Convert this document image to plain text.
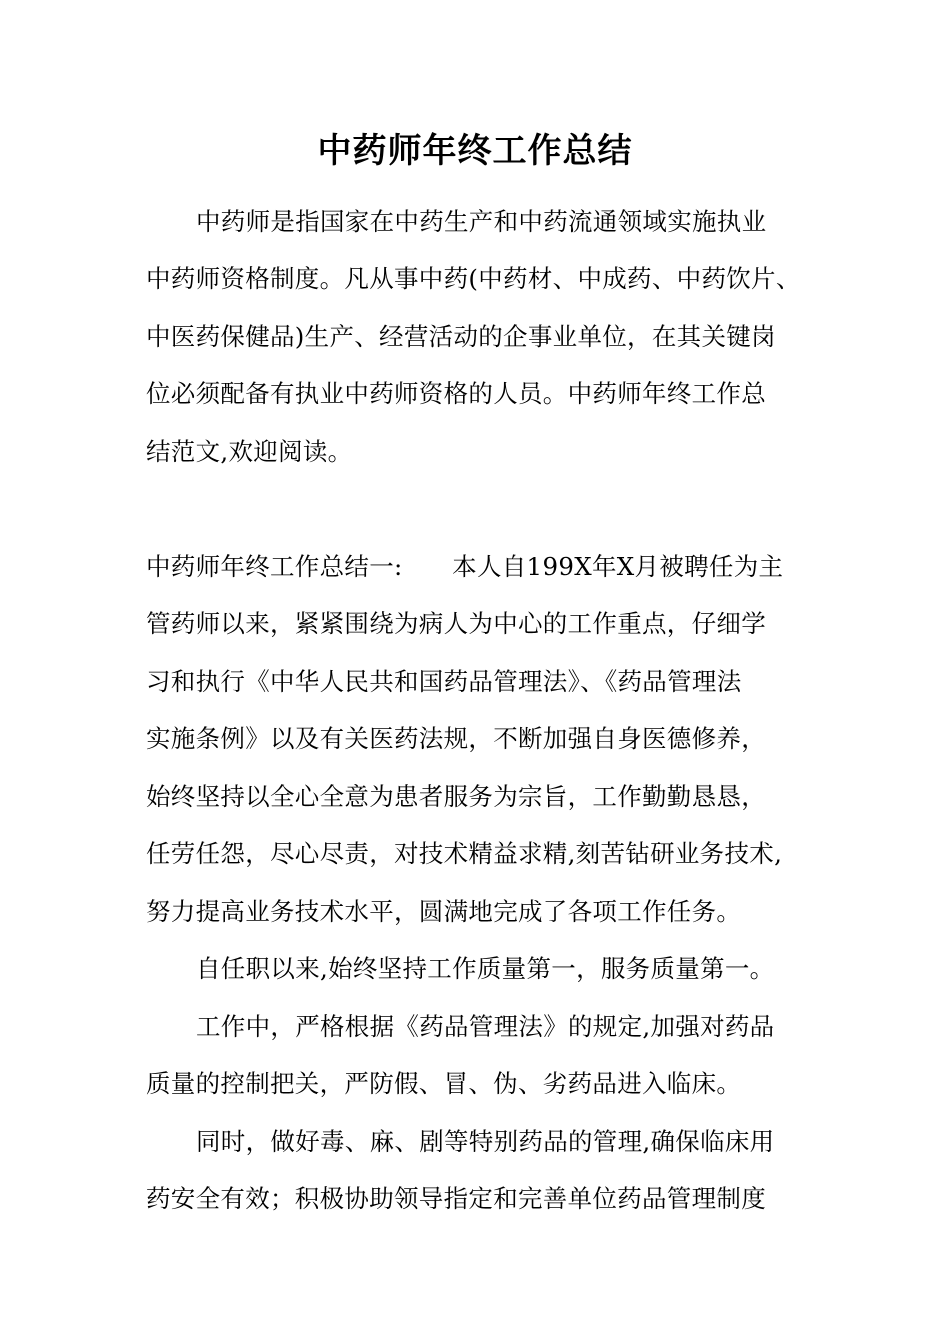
中药师年终工作总结
中药师是指国家在中药生产和中药流通领域实施执业
中药师资格制度。凡从事中药(中药材、中成药、中药饮片、
中医药保健品)生产、经营活动的企事业单位，在其关键岗
位必须配备有执业中药师资格的人员。中药师年终工作总
结范文,欢迎阅读。
中药师年终工作总结一:　　本人自199X年X月被聘任为主
管药师以来，紧紧围绕为病人为中心的工作重点，仔细学
习和执行《中华人民共和国药品管理法》、《药品管理法
实施条例》以及有关医药法规，不断加强自身医德修养，
始终坚持以全心全意为患者服务为宗旨，工作勤勤恳恳，
任劳任怨，尽心尽责，对技术精益求精,刻苦钻研业务技术,
努力提高业务技术水平，圆满地完成了各项工作任务。
自任职以来,始终坚持工作质量第一，服务质量第一。
工作中，严格根据《药品管理法》的规定,加强对药品
质量的控制把关，严防假、冒、伪、劣药品进入临床。
同时，做好毒、麻、剧等特别药品的管理,确保临床用
药安全有效；积极协助领导指定和完善单位药品管理制度
